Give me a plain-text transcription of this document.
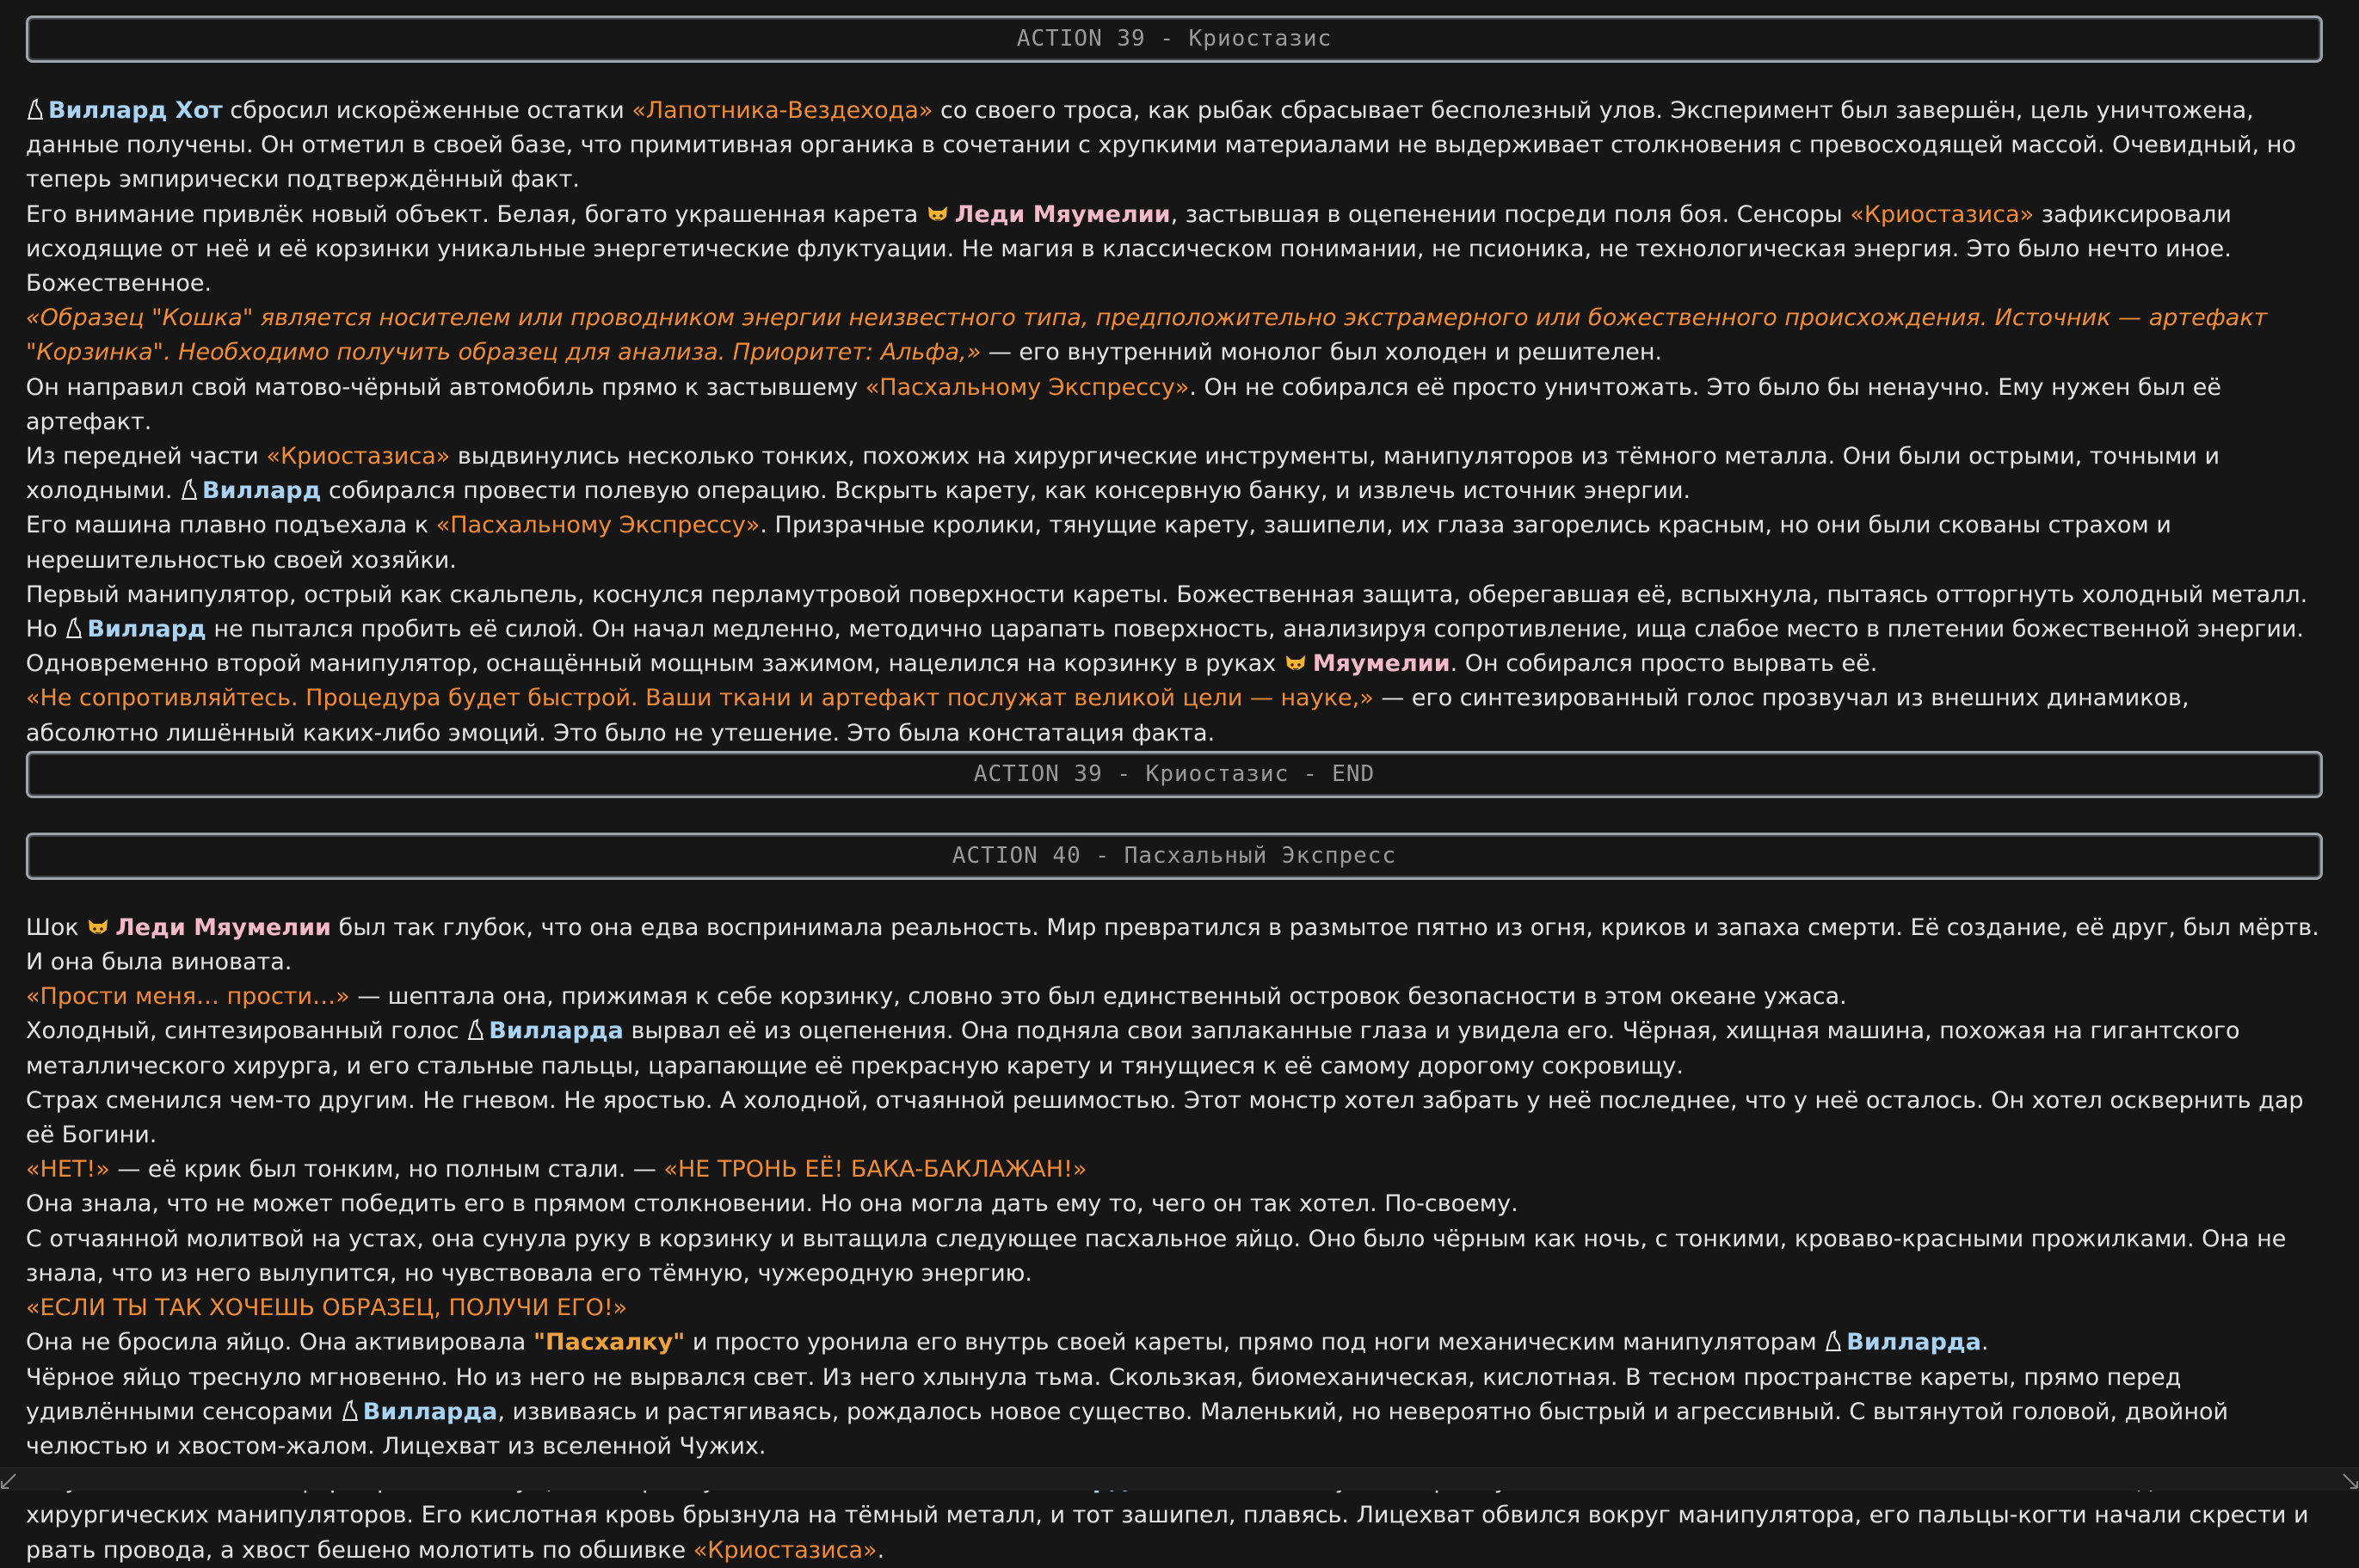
ACTION 39 - Криостазис

Виллард Хот сбросил искорёженные остатки «Лапотника-Вездехода» со своего троса, как рыбак сбрасывает бесполезный улов. Эксперимент был завершён, цель уничтожена, данные получены. Он отметил в своей базе, что примитивная органика в сочетании с хрупкими материалами не выдерживает столкновения с превосходящей массой. Очевидный, но теперь эмпирически подтверждённый факт.

Его внимание привлёк новый объект. Белая, богато украшенная карета Леди Мяумелии, застывшая в оцепенении посреди поля боя. Сенсоры «Криостазиса» зафиксировали исходящие от неё и её корзинки уникальные энергетические флуктуации. Не магия в классическом понимании, не псионика, не технологическая энергия. Это было нечто иное. Божественное.

«Образец "Кошка" является носителем или проводником энергии неизвестного типа, предположительно экстрамерного или божественного происхождения. Источник — артефакт "Корзинка". Необходимо получить образец для анализа. Приоритет: Альфа,» — его внутренний монолог был холоден и решителен.

Он направил свой матово-чёрный автомобиль прямо к застывшему «Пасхальному Экспрессу». Он не собирался её просто уничтожать. Это было бы ненаучно. Ему нужен был её артефакт.

Из передней части «Криостазиса» выдвинулись несколько тонких, похожих на хирургические инструменты, манипуляторов из тёмного металла. Они были острыми, точными и холодными. Виллард собирался провести полевую операцию. Вскрыть карету, как консервную банку, и извлечь источник энергии.

Его машина плавно подъехала к «Пасхальному Экспрессу». Призрачные кролики, тянущие карету, зашипели, их глаза загорелись красным, но они были скованы страхом и нерешительностью своей хозяйки.

Первый манипулятор, острый как скальпель, коснулся перламутровой поверхности кареты. Божественная защита, оберегавшая её, вспыхнула, пытаясь отторгнуть холодный металл. Но Виллард не пытался пробить её силой. Он начал медленно, методично царапать поверхность, анализируя сопротивление, ища слабое место в плетении божественной энергии. Одновременно второй манипулятор, оснащённый мощным зажимом, нацелился на корзинку в руках Мяумелии. Он собирался просто вырвать её.

«Не сопротивляйтесь. Процедура будет быстрой. Ваши ткани и артефакт послужат великой цели — науке,» — его синтезированный голос прозвучал из внешних динамиков, абсолютно лишённый каких-либо эмоций. Это было не утешение. Это была констатация факта.

ACTION 39 - Криостазис - END
ACTION 40 - Пасхальный Экспресс

Шок Леди Мяумелии был так глубок, что она едва воспринимала реальность. Мир превратился в размытое пятно из огня, криков и запаха смерти. Её создание, её друг, был мёртв. И она была виновата.

«Прости меня… прости…» — шептала она, прижимая к себе корзинку, словно это был единственный островок безопасности в этом океане ужаса.

Холодный, синтезированный голос Вилларда вырвал её из оцепенения. Она подняла свои заплаканные глаза и увидела его. Чёрная, хищная машина, похожая на гигантского металлического хирурга, и его стальные пальцы, царапающие её прекрасную карету и тянущиеся к её самому дорогому сокровищу.

Страх сменился чем-то другим. Не гневом. Не яростью. А холодной, отчаянной решимостью. Этот монстр хотел забрать у неё последнее, что у неё осталось. Он хотел осквернить дар её Богини.

«НЕТ!» — её крик был тонким, но полным стали. — «НЕ ТРОНЬ ЕЁ! БАКА-БАКЛАЖАН!»

Она знала, что не может победить его в прямом столкновении. Но она могла дать ему то, чего он так хотел. По-своему.

С отчаянной молитвой на устах, она сунула руку в корзинку и вытащила следующее пасхальное яйцо. Оно было чёрным как ночь, с тонкими, кроваво-красными прожилками. Она не знала, что из него вылупится, но чувствовала его тёмную, чужеродную энергию.

«ЕСЛИ ТЫ ТАК ХОЧЕШЬ ОБРАЗЕЦ, ПОЛУЧИ ЕГО!»

Она не бросила яйцо. Она активировала "Пасхалку" и просто уронила его внутрь своей кареты, прямо под ноги механическим манипуляторам Вилларда.

Чёрное яйцо треснуло мгновенно. Но из него не вырвался свет. Из него хлынула тьма. Скользкая, биомеханическая, кислотная. В тесном пространстве кареты, прямо перед удивлёнными сенсорами Вилларда, извиваясь и растягиваясь, рождалось новое существо. Маленький, но невероятно быстрый и агрессивный. С вытянутой головой, двойной челюстью и хвостом-жалом. Лицехват из вселенной Чужих.

хирургических манипуляторов. Его кислотная кровь брызнула на тёмный металл, и тот зашипел, плавясь. Лицехват обвился вокруг манипулятора, его пальцы-когти начали скрести и рвать провода, а хвост бешено молотить по обшивке «Криостазиса».
